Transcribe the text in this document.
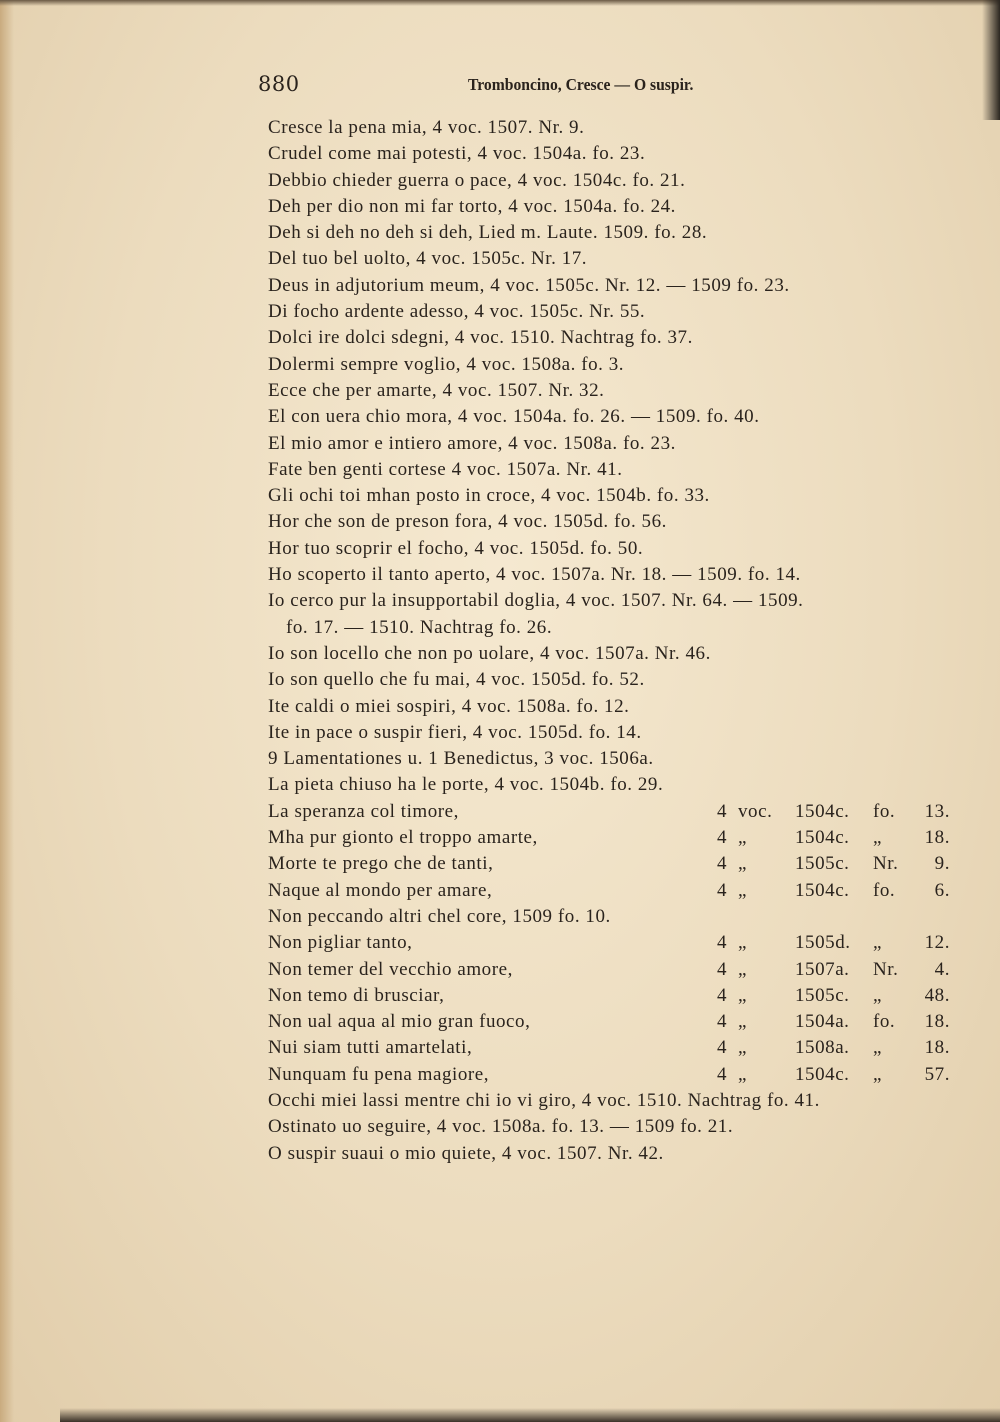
880	Tromboncino, Cresce — O suspir.
Cresce la pena mia, 4 voc. 1507. Nr. 9.
Crudel come mai potesti, 4 voc. 1504a. fo. 23.
Debbio chieder guerra o pace, 4 voc. 1504c. fo. 21.
Deh per dio non mi far torto, 4 voc. 1504a. fo. 24.
Deh si deh no deh si deh, Lied m. Laute. 1509. fo. 28.
Del tuo bel uolto, 4 voc. 1505c. Nr. 17.
Deus in adjutorium meum, 4 voc. 1505c. Nr. 12. — 1509 fo. 23.
Di focho ardente adesso, 4 voc. 1505c. Nr. 55.
Dolci ire dolci sdegni, 4 voc. 1510. Nachtrag fo. 37.
Dolermi sempre voglio, 4 voc. 1508a. fo. 3.
Ecce che per amarte, 4 voc. 1507. Nr. 32.
El con uera chio mora, 4 voc. 1504a. fo. 26. — 1509. fo. 40.
El mio amor e intiero amore, 4 voc. 1508a. fo. 23.
Fate ben genti cortese 4 voc. 1507a. Nr. 41.
Gli ochi toi mhan posto in croce, 4 voc. 1504b. fo. 33.
Hor che son de preson fora, 4 voc. 1505d. fo. 56.
Hor tuo scoprir el focho, 4 voc. 1505d. fo. 50.
Ho scoperto il tanto aperto, 4 voc. 1507a. Nr. 18. — 1509. fo. 14.
Io cerco pur la insupportabil doglia, 4 voc. 1507. Nr. 64. — 1509.
fo. 17. — 1510. Nachtrag fo. 26.
Io son locello che non po uolare, 4 voc. 1507a. Nr. 46.
Io son quello che fu mai, 4 voc. 1505d. fo. 52.
Ite caldi o miei sospiri, 4 voc. 1508a. fo. 12.
Ite in pace o suspir fieri, 4 voc. 1505d. fo. 14.
9 Lamentationes u. 1 Benedictus, 3 voc. 1506a.
La pieta chiuso ha le porte, 4 voc. 1504b. fo. 29.
La speranza col timore,	4 voc. 1504c. fo. 13.
Mha pur gionto el troppo amarte,	4 „	1504c. „ 18.
Morte te prego che de tanti,	4 „	1505c. Nr. 9.
Naque al mondo per amare,	4 „	1504c. fo. 6.
Non peccando altri chel core, 1509 fo. 10.
Non pigliar tanto,	4 „	1505d. „ 12.
Non temer del vecchio amore,	4 „	1507a. Nr. 4.
Non temo di brusciar,	4 „	1505c. „ 48.
Non ual aqua al mio gran fuoco,	4 „	1504a. fo. 18.
Nui siam tutti amartelati,	4 „	1508a. „ 18.
Nunquam fu pena magiore,	4 „	1504c. „ 57.
Occhi miei lassi mentre chi io vi giro, 4 voc. 1510. Nachtrag fo. 41.
Ostinato uo seguire, 4 voc. 1508a. fo. 13. — 1509 fo. 21.
O suspir suaui o mio quiete, 4 voc. 1507. Nr. 42.
